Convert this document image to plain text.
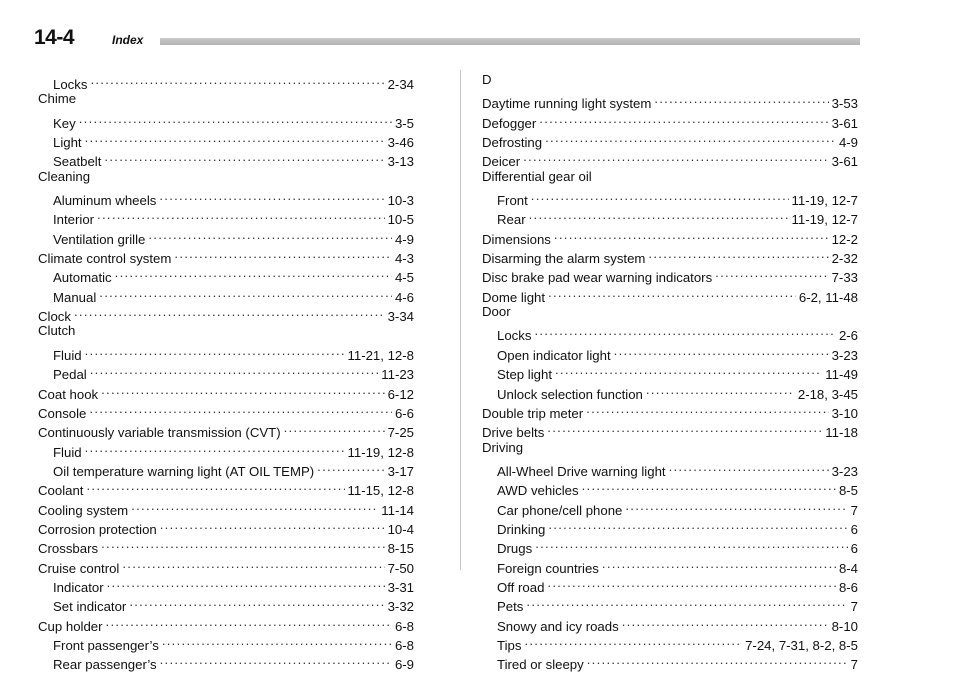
14-4	Index
Locks . . .	2-34
Chime
Key . . .	3-5
Light . . .	3-46
Seatbelt . . .	3-13
Cleaning
Aluminum wheels . . .	10-3
Interior . . .	10-5
Ventilation grille . . .	4-9
Climate control system . . .	4-3
Automatic . . .	4-5
Manual . . .	4-6
Clock . . .	3-34
Clutch
Fluid . . .	11-21, 12-8
Pedal . . .	11-23
Coat hook . . .	6-12
Console . . .	6-6
Continuously variable transmission (CVT) . . .	7-25
Fluid . . .	11-19, 12-8
Oil temperature warning light (AT OIL TEMP) . . .	3-17
Coolant . . .	11-15, 12-8
Cooling system . . .	11-14
Corrosion protection . . .	10-4
Crossbars . . .	8-15
Cruise control . . .	7-50
Indicator . . .	3-31
Set indicator . . .	3-32
Cup holder . . .	6-8
Front passenger’s . . .	6-8
Rear passenger’s . . .	6-9
D
Daytime running light system . . .	3-53
Defogger . . .	3-61
Defrosting . . .	4-9
Deicer . . .	3-61
Differential gear oil
Front . . .	11-19, 12-7
Rear . . .	11-19, 12-7
Dimensions . . .	12-2
Disarming the alarm system . . .	2-32
Disc brake pad wear warning indicators . . .	7-33
Dome light . . .	6-2, 11-48
Door
Locks . . .	2-6
Open indicator light . . .	3-23
Step light . . .	11-49
Unlock selection function . . .	2-18, 3-45
Double trip meter . . .	3-10
Drive belts . . .	11-18
Driving
All-Wheel Drive warning light . . .	3-23
AWD vehicles . . .	8-5
Car phone/cell phone . . .	7
Drinking . . .	6
Drugs . . .	6
Foreign countries . . .	8-4
Off road . . .	8-6
Pets . . .	7
Snowy and icy roads . . .	8-10
Tips . . .	7-24, 7-31, 8-2, 8-5
Tired or sleepy . . .	7
